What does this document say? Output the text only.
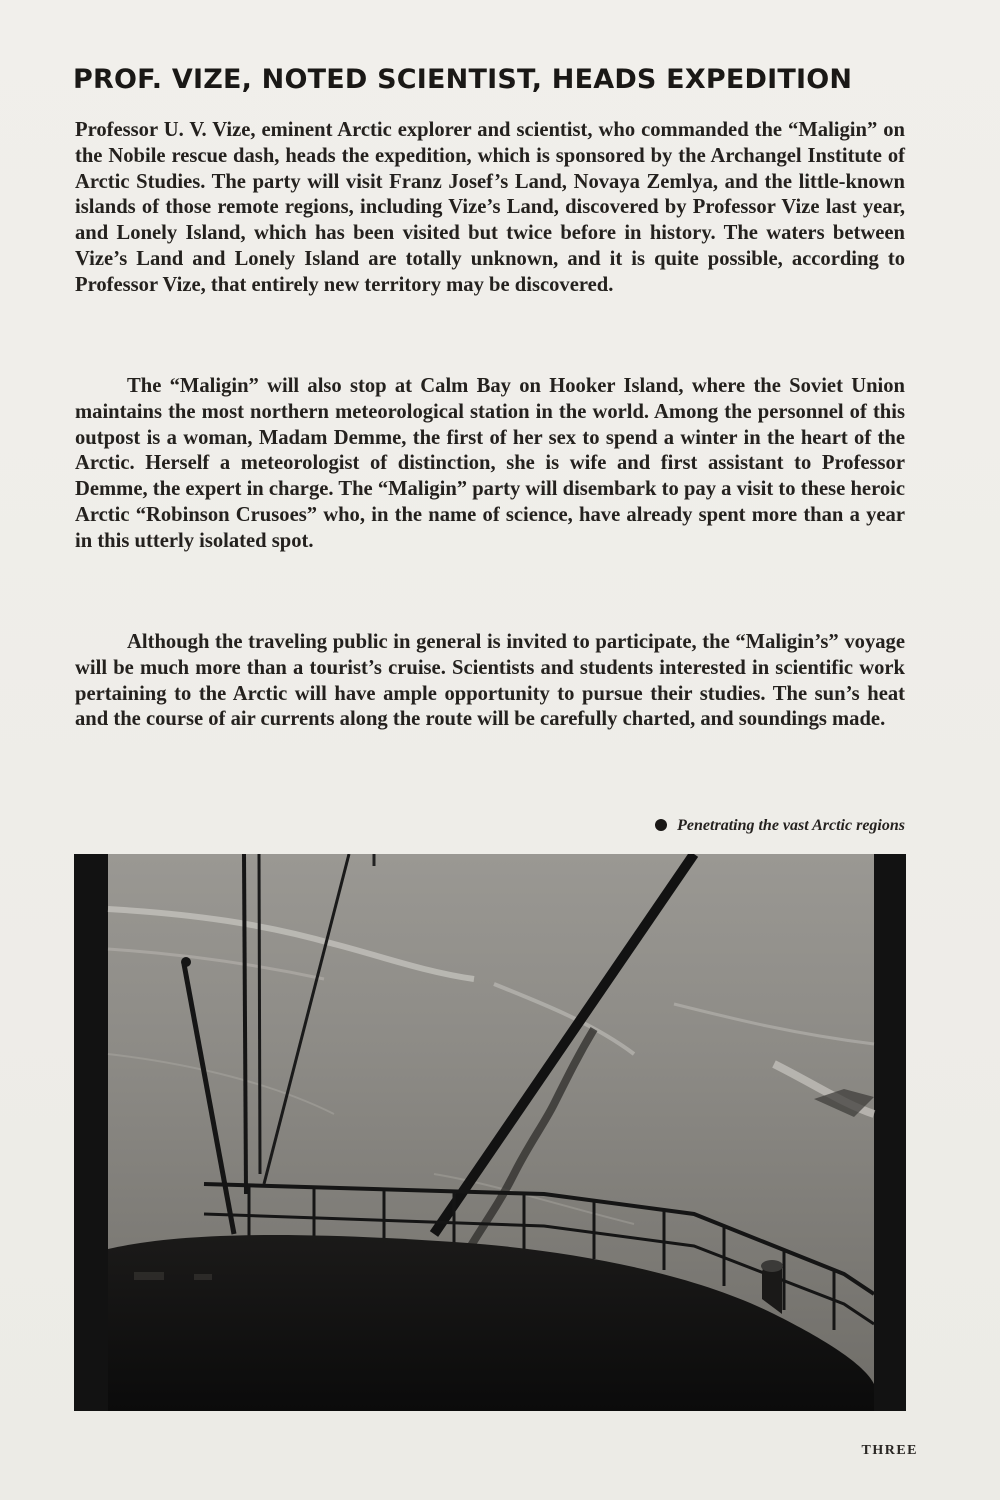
PROF. VIZE, NOTED SCIENTIST, HEADS EXPEDITION

Professor U. V. Vize, eminent Arctic explorer and scientist, who commanded the “Maligin” on the Nobile rescue dash, heads the expedition, which is sponsored by the Archangel Institute of Arctic Studies. The party will visit Franz Josef’s Land, Novaya Zemlya, and the little-known islands of those remote regions, including Vize’s Land, discovered by Professor Vize last year, and Lonely Island, which has been visited but twice before in history. The waters between Vize’s Land and Lonely Island are totally unknown, and it is quite possible, according to Professor Vize, that entirely new territory may be discovered.

The “Maligin” will also stop at Calm Bay on Hooker Island, where the Soviet Union maintains the most northern meteorological station in the world. Among the personnel of this outpost is a woman, Madam Demme, the first of her sex to spend a winter in the heart of the Arctic. Herself a meteorologist of distinction, she is wife and first assistant to Professor Demme, the expert in charge. The “Maligin” party will disembark to pay a visit to these heroic Arctic “Robinson Crusoes” who, in the name of science, have already spent more than a year in this utterly isolated spot.

Although the traveling public in general is invited to participate, the “Maligin’s” voyage will be much more than a tourist’s cruise. Scientists and students interested in scientific work pertaining to the Arctic will have ample opportunity to pursue their studies. The sun’s heat and the course of air currents along the route will be carefully charted, and soundings made.

Penetrating the vast Arctic regions
THREE
